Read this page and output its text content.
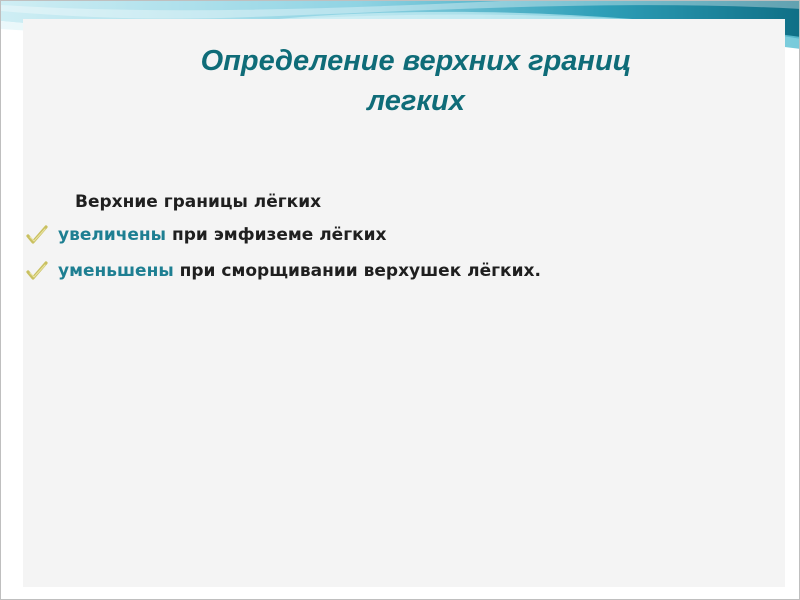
Определение верхних границ
легких
Верхние границы лёгких
увеличены при эмфиземе лёгких
уменьшены при сморщивании верхушек лёгких.
